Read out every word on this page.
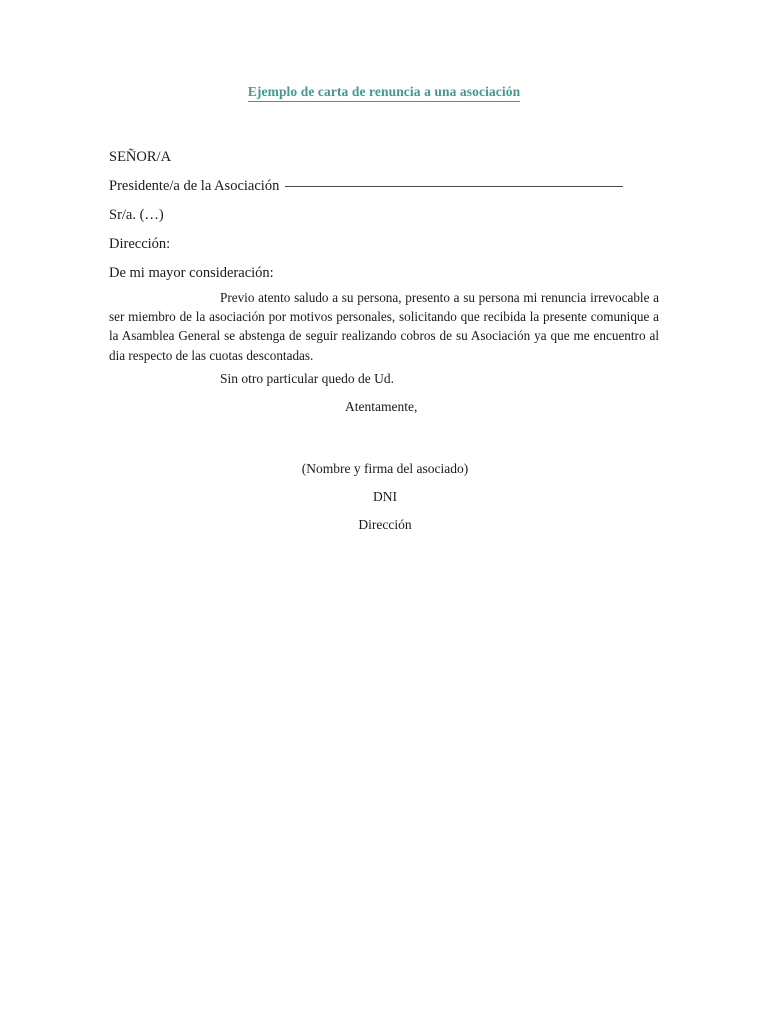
Ejemplo de carta de renuncia a una asociación
SEÑOR/A
Presidente/a de la Asociación
Sr/a. (…)
Dirección:
De mi mayor consideración:
Previo atento saludo a su persona, presento a su persona mi renuncia irrevocable a ser miembro de la asociación por motivos personales, solicitando que recibida la presente comunique a la Asamblea General se abstenga de seguir realizando cobros de su Asociación ya que me encuentro al dia respecto de las cuotas descontadas.
Sin otro particular quedo de Ud.
Atentamente,
(Nombre y firma del asociado)
DNI
Dirección
